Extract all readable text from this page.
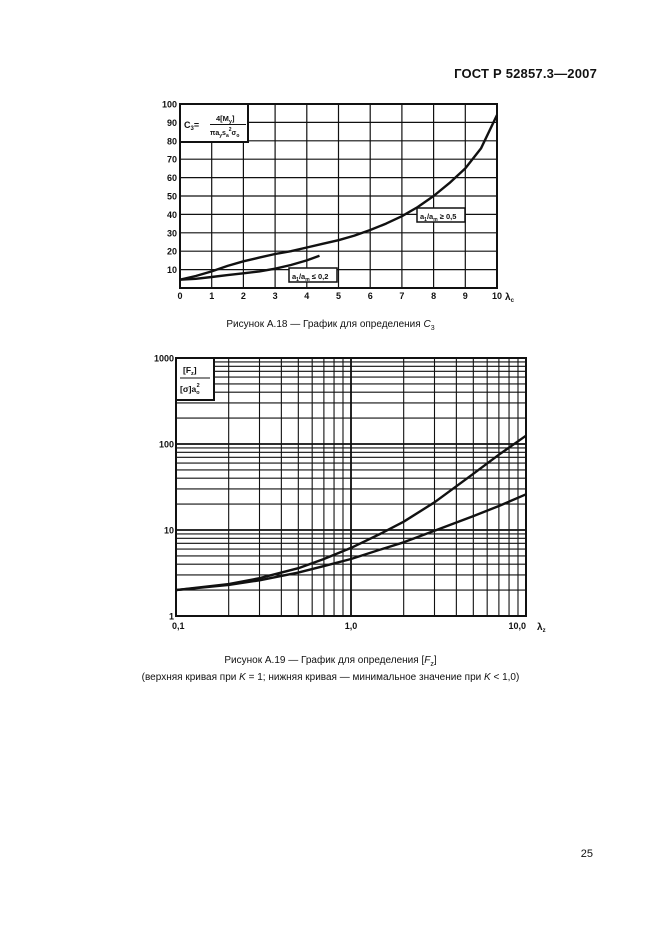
ГОСТ Р 52857.3—2007
0	1	2	3	4	5	6	7	8	9	10
10
20
30
40
50
60
70
80
90
100
$C_3=$
$4[M_y]$
$\pi a_ys_a^2\sigma_o$
$a_1/a_m \ge 0,5$
$a_1/a_m \le 0,2$
$\lambda_c$
Рисунок А.18 — График для определения $C_3$
0,1	1,0	10,0
1
10
100
1000
$[F_z]$
$[\sigma]a_o2$
$\lambda_z$
Рисунок А.19 — График для определения $[F_z]$
(верхняя кривая при K = 1; нижняя кривая — минимальное значение при K < 1,0)
25
